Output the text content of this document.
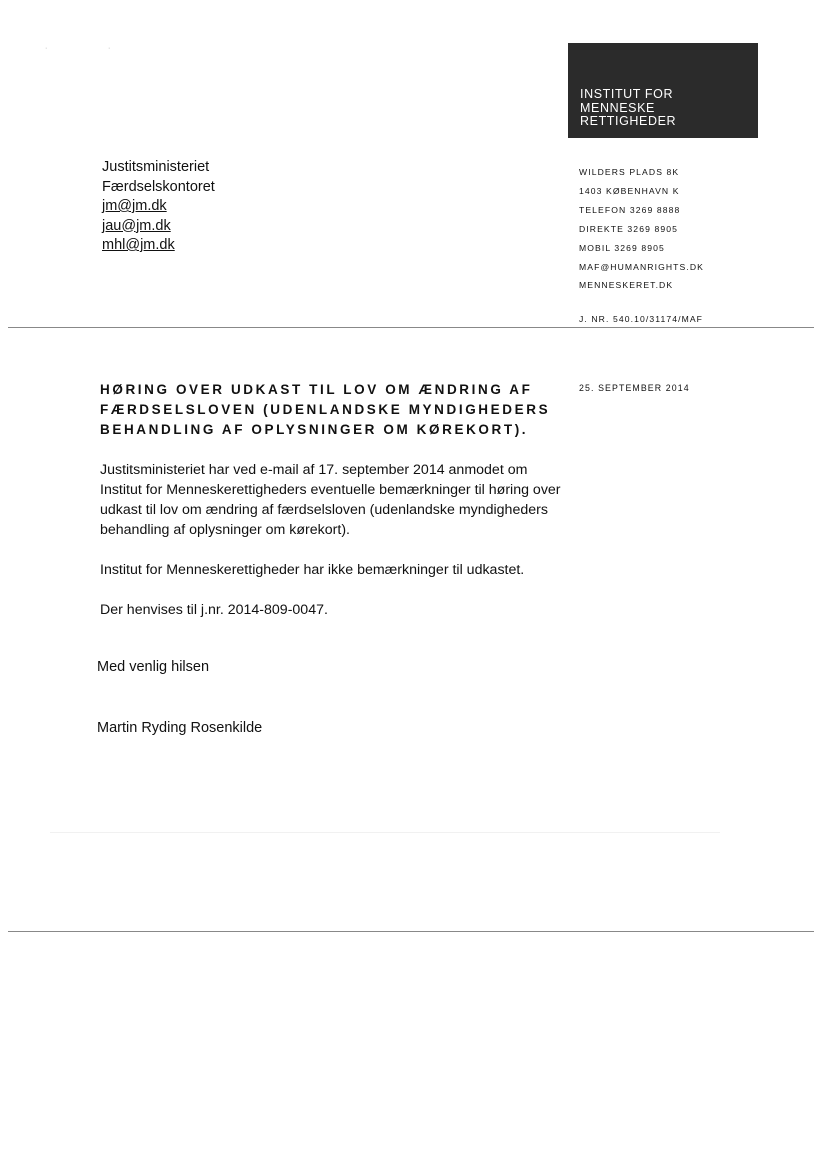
·	·
INSTITUT FOR
MENNESKE
RETTIGHEDER
Justitsministeriet
Færdselskontoret
jm@jm.dk
jau@jm.dk
mhl@jm.dk
WILDERS PLADS 8K
1403 KØBENHAVN K
TELEFON 3269 8888
DIREKTE 3269 8905
MOBIL 3269 8905
MAF@HUMANRIGHTS.DK
MENNESKERET.DK
J. NR. 540.10/31174/MAF
HØRING OVER UDKAST TIL LOV OM ÆNDRING AF FÆRDSELSLOVEN (UDENLANDSKE MYNDIGHEDERS BEHANDLING AF OPLYSNINGER OM KØREKORT).
25. SEPTEMBER 2014

Justitsministeriet har ved e-mail af 17. september 2014 anmodet om Institut for Menneskerettigheders eventuelle bemærkninger til høring over udkast til lov om ændring af færdselsloven (udenlandske myndigheders behandling af oplysninger om kørekort).

Institut for Menneskerettigheder har ikke bemærkninger til udkastet.

Der henvises til j.nr. 2014-809-0047.

Med venlig hilsen
Martin Ryding Rosenkilde
